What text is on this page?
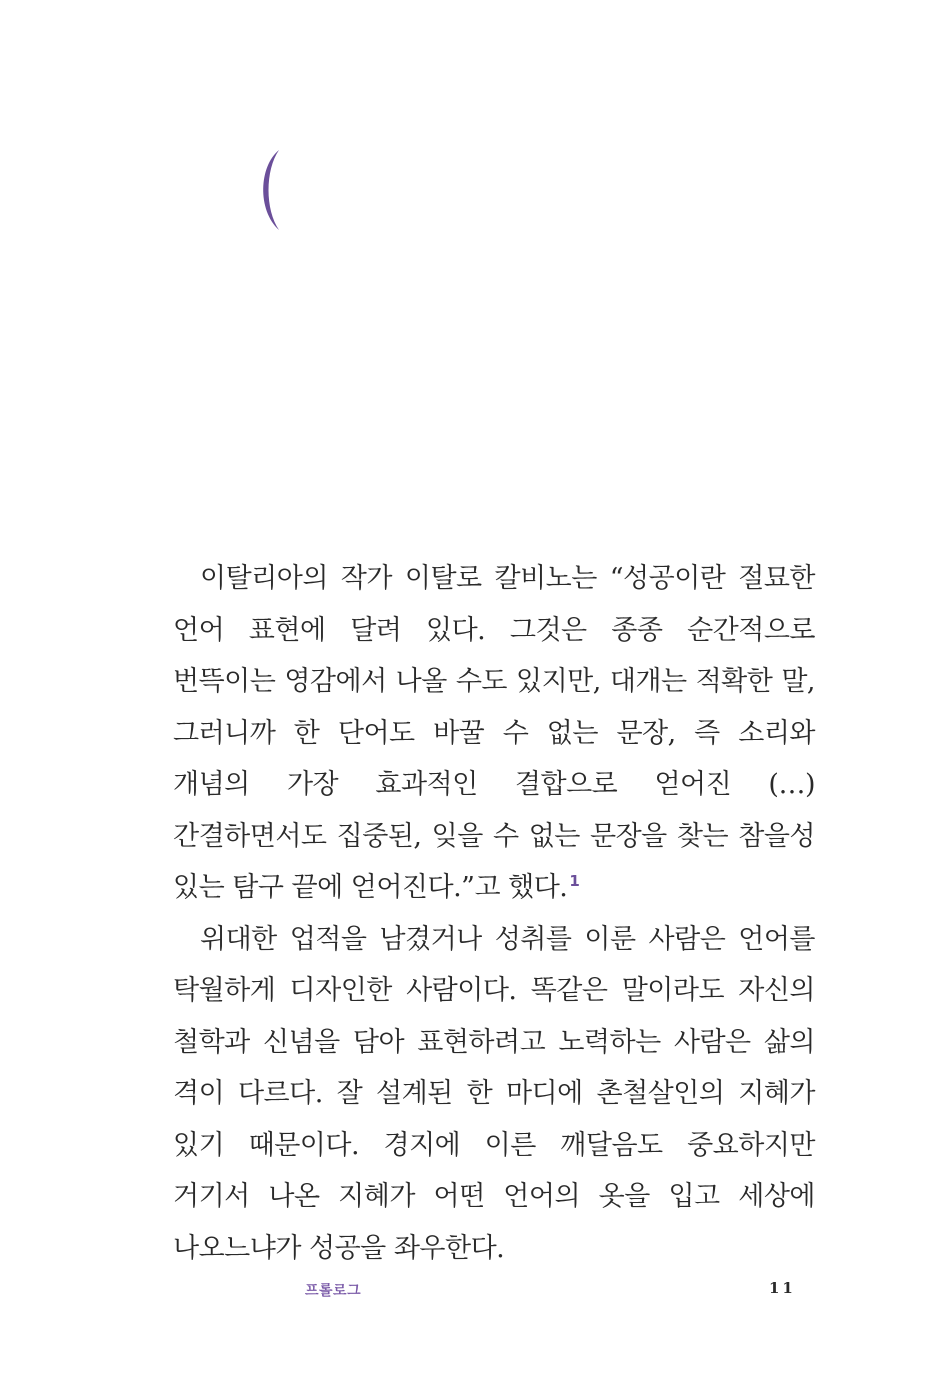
이탈리아의 작가 이탈로 칼비노는 “성공이란 절묘한 언어 표현에 달려 있다. 그것은 종종 순간적으로 번뜩이는 영감에서 나올 수도 있지만, 대개는 적확한 말, 그러니까 한 단어도 바꿀 수 없는 문장, 즉 소리와 개념의 가장 효과적인 결합으로 얻어진 (…) 간결하면서도 집중된, 잊을 수 없는 문장을 찾는 참을성 있는 탐구 끝에 얻어진다.”고 했다. $^1$

위대한 업적을 남겼거나 성취를 이룬 사람은 언어를 탁월하게 디자인한 사람이다. 똑같은 말이라도 자신의 철학과 신념을 담아 표현하려고 노력하는 사람은 삶의 격이 다르다. 잘 설계된 한 마디에 촌철살인의 지혜가 있기 때문이다. 경지에 이른 깨달음도 중요하지만 거기서 나온 지혜가 어떤 언어의 옷을 입고 세상에 나오느냐가 성공을 좌우한다.

프롤로그	11
